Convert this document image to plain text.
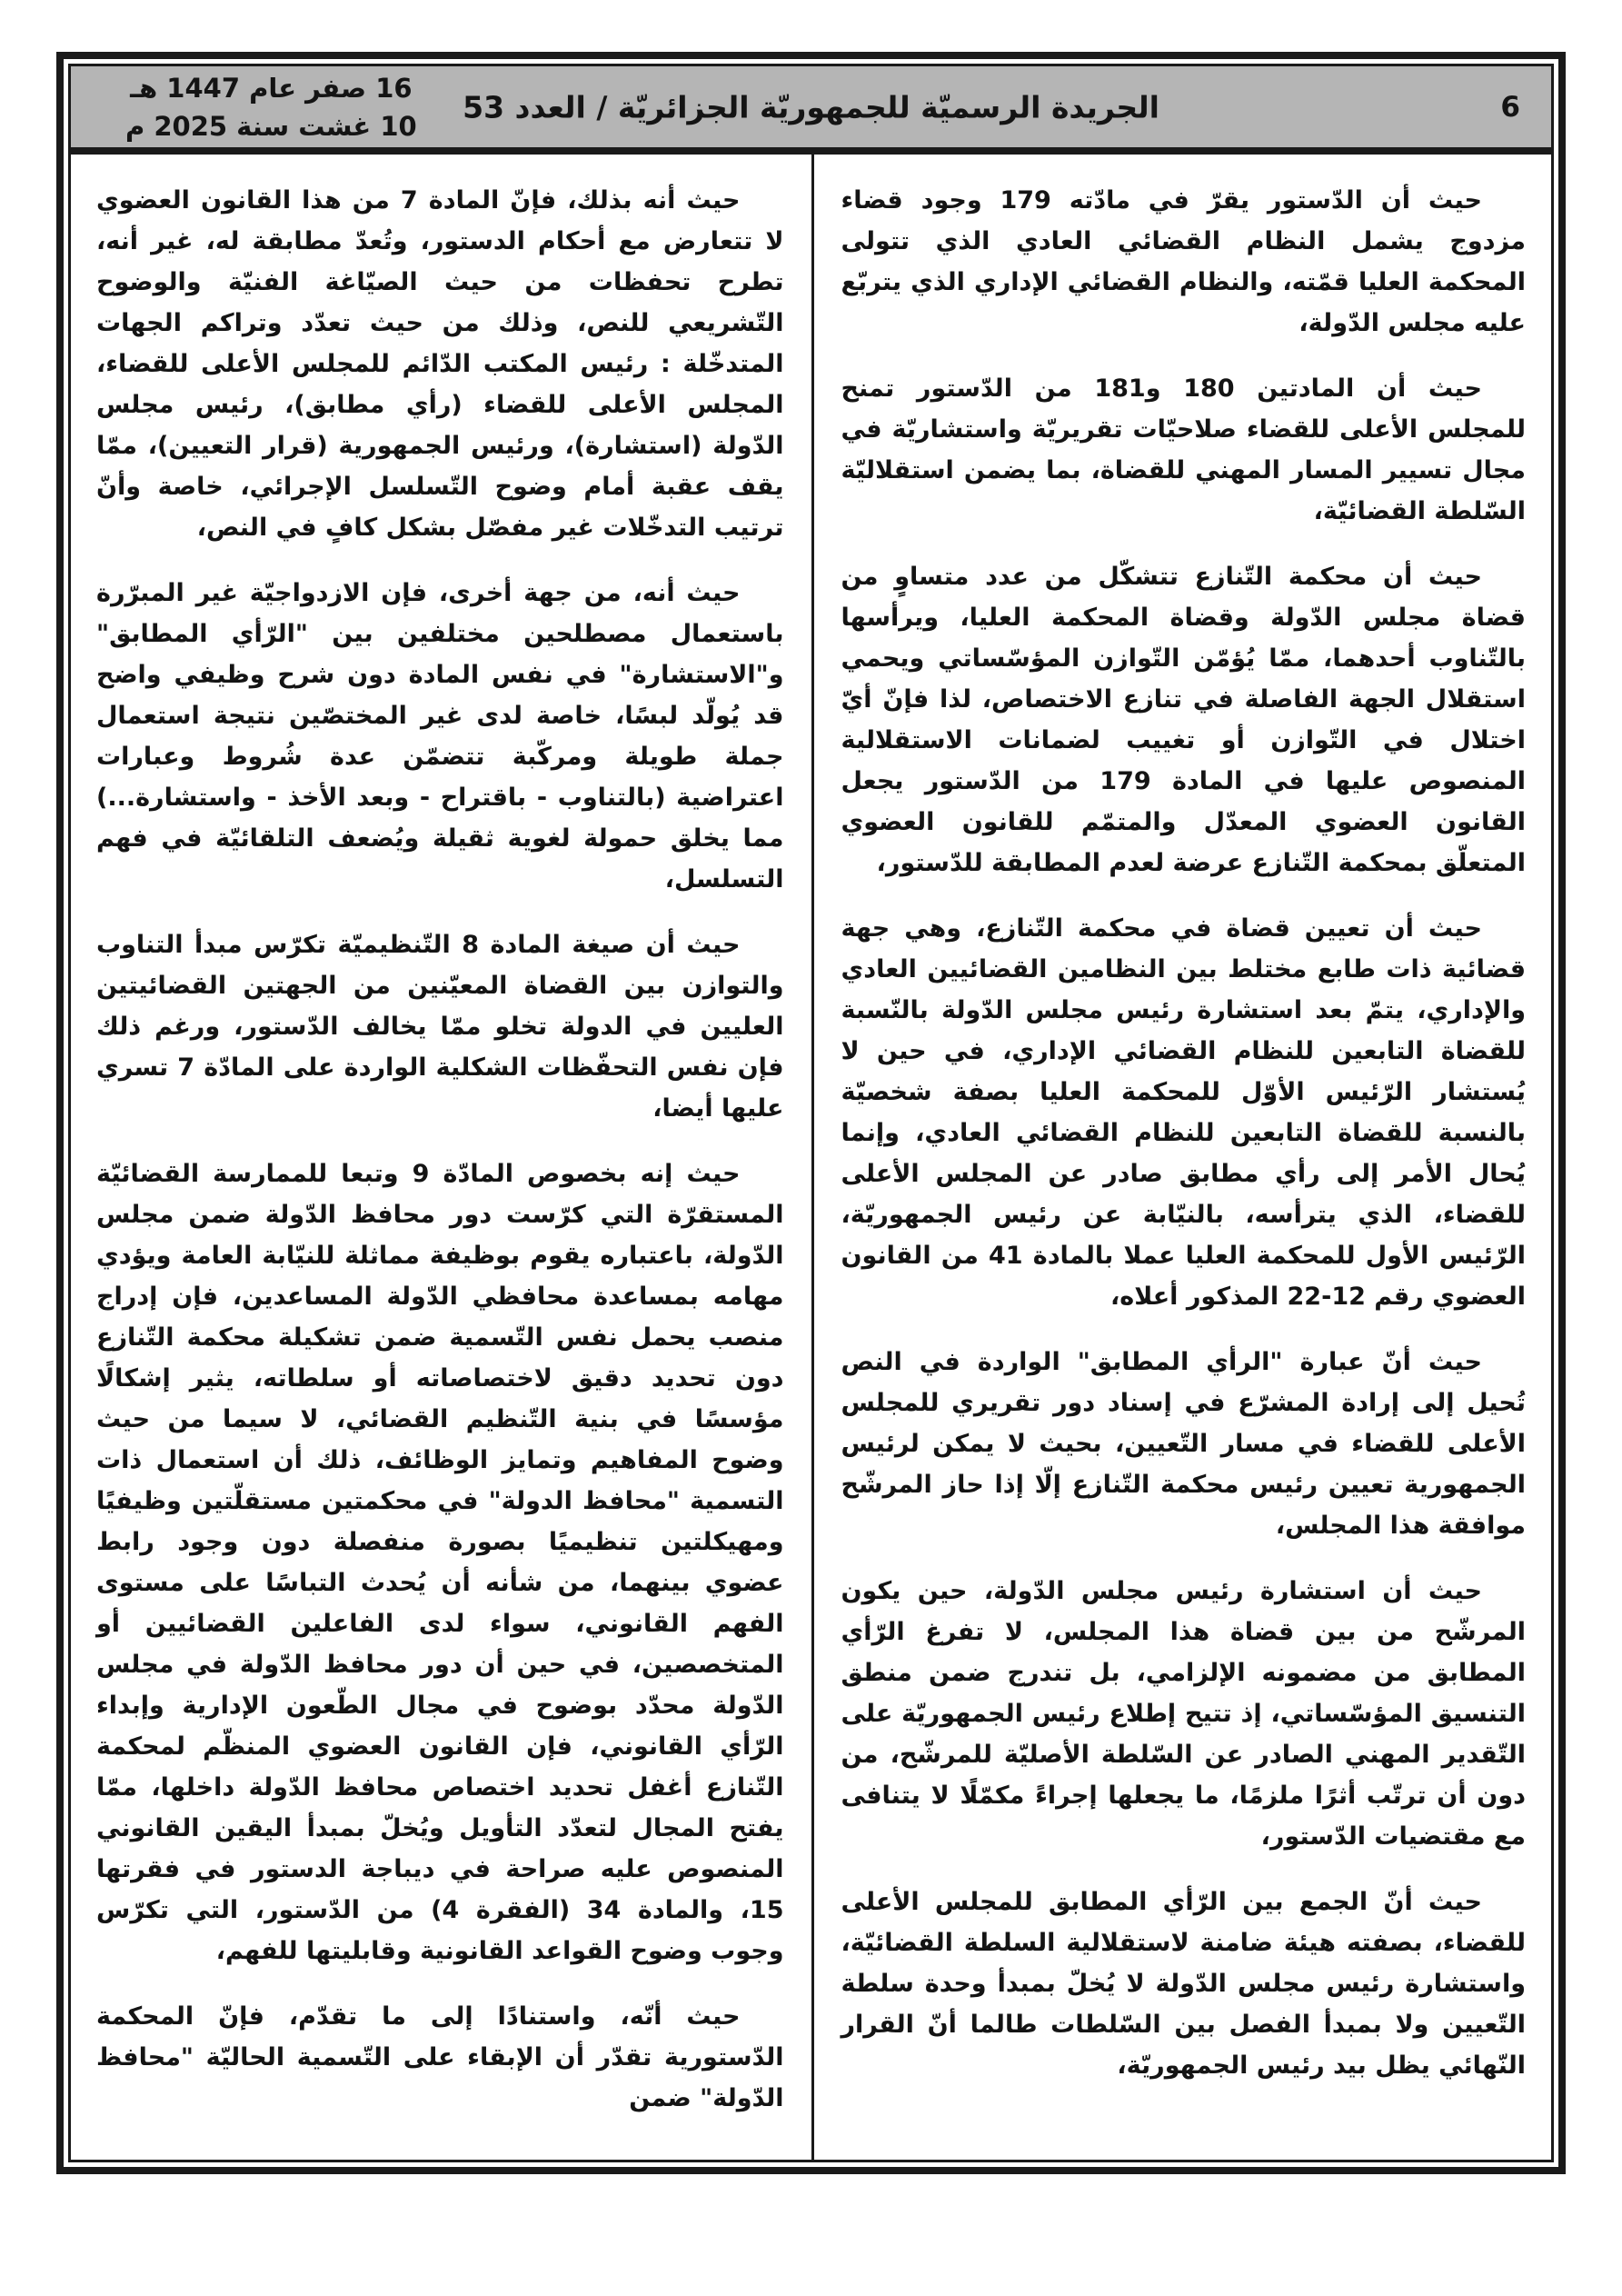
16 صفر عام 1447 هـ
10 غشت سنة 2025 م
الجريدة الرسميّة للجمهوريّة الجزائريّة / العدد 53	6

حيث أن الدّستور يقرّ في مادّته 179 وجود قضاء مزدوج يشمل النظام القضائي العادي الذي تتولى المحكمة العليا قمّته، والنظام القضائي الإداري الذي يتربّع عليه مجلس الدّولة،

حيث أن المادتين 180 و181 من الدّستور تمنح للمجلس الأعلى للقضاء صلاحيّات تقريريّة واستشاريّة في مجال تسيير المسار المهني للقضاة، بما يضمن استقلاليّة السّلطة القضائيّة،

حيث أن محكمة التّنازع تتشكّل من عدد متساوٍ من قضاة مجلس الدّولة وقضاة المحكمة العليا، ويرأسها بالتّناوب أحدهما، ممّا يُؤمّن التّوازن المؤسّساتي ويحمي استقلال الجهة الفاصلة في تنازع الاختصاص، لذا فإنّ أيّ اختلال في التّوازن أو تغييب لضمانات الاستقلالية المنصوص عليها في المادة 179 من الدّستور يجعل القانون العضوي المعدّل والمتمّم للقانون العضوي المتعلّق بمحكمة التّنازع عرضة لعدم المطابقة للدّستور،

حيث أن تعيين قضاة في محكمة التّنازع، وهي جهة قضائية ذات طابع مختلط بين النظامين القضائيين العادي والإداري، يتمّ بعد استشارة رئيس مجلس الدّولة بالنّسبة للقضاة التابعين للنظام القضائي الإداري، في حين لا يُستشار الرّئيس الأوّل للمحكمة العليا بصفة شخصيّة بالنسبة للقضاة التابعين للنظام القضائي العادي، وإنما يُحال الأمر إلى رأي مطابق صادر عن المجلس الأعلى للقضاء، الذي يترأسه، بالنيّابة عن رئيس الجمهوريّة، الرّئيس الأول للمحكمة العليا عملا بالمادة 41 من القانون العضوي رقم 12-22 المذكور أعلاه،

حيث أنّ عبارة "الرأي المطابق" الواردة في النص تُحيل إلى إرادة المشرّع في إسناد دور تقريري للمجلس الأعلى للقضاء في مسار التّعيين، بحيث لا يمكن لرئيس الجمهورية تعيين رئيس محكمة التّنازع إلّا إذا حاز المرشّح موافقة هذا المجلس،

حيث أن استشارة رئيس مجلس الدّولة، حين يكون المرشّح من بين قضاة هذا المجلس، لا تفرغ الرّأي المطابق من مضمونه الإلزامي، بل تندرج ضمن منطق التنسيق المؤسّساتي، إذ تتيح إطلاع رئيس الجمهوريّة على التّقدير المهني الصادر عن السّلطة الأصليّة للمرشّح، من دون أن ترتّب أثرًا ملزمًا، ما يجعلها إجراءً مكمّلًا لا يتنافى مع مقتضيات الدّستور،

حيث أنّ الجمع بين الرّأي المطابق للمجلس الأعلى للقضاء، بصفته هيئة ضامنة لاستقلالية السلطة القضائيّة، واستشارة رئيس مجلس الدّولة لا يُخلّ بمبدأ وحدة سلطة التّعيين ولا بمبدأ الفصل بين السّلطات طالما أنّ القرار النّهائي يظل بيد رئيس الجمهوريّة،

حيث أنه بذلك، فإنّ المادة 7 من هذا القانون العضوي لا تتعارض مع أحكام الدستور، وتُعدّ مطابقة له، غير أنه، تطرح تحفظات من حيث الصيّاغة الفنيّة والوضوح التّشريعي للنص، وذلك من حيث تعدّد وتراكم الجهات المتدخّلة : رئيس المكتب الدّائم للمجلس الأعلى للقضاء، المجلس الأعلى للقضاء (رأي مطابق)، رئيس مجلس الدّولة (استشارة)، ورئيس الجمهورية (قرار التعيين)، ممّا يقف عقبة أمام وضوح التّسلسل الإجرائي، خاصة وأنّ ترتيب التدخّلات غير مفصّل بشكل كافٍ في النص،

حيث أنه، من جهة أخرى، فإن الازدواجيّة غير المبرّرة باستعمال مصطلحين مختلفين بين "الرّأي المطابق" و"الاستشارة" في نفس المادة دون شرح وظيفي واضح قد يُولّد لبسًا، خاصة لدى غير المختصّين نتيجة استعمال جملة طويلة ومركّبة تتضمّن عدة شُروط وعبارات اعتراضية (بالتناوب - باقتراح - وبعد الأخذ - واستشارة...) مما يخلق حمولة لغوية ثقيلة ويُضعف التلقائيّة في فهم التسلسل،

حيث أن صيغة المادة 8 التّنظيميّة تكرّس مبدأ التناوب والتوازن بين القضاة المعيّنين من الجهتين القضائيتين العليين في الدولة تخلو ممّا يخالف الدّستور، ورغم ذلك فإن نفس التحفّظات الشكلية الواردة على المادّة 7 تسري عليها أيضا،

حيث إنه بخصوص المادّة 9 وتبعا للممارسة القضائيّة المستقرّة التي كرّست دور محافظ الدّولة ضمن مجلس الدّولة، باعتباره يقوم بوظيفة مماثلة للنيّابة العامة ويؤدي مهامه بمساعدة محافظي الدّولة المساعدين، فإن إدراج منصب يحمل نفس التّسمية ضمن تشكيلة محكمة التّنازع دون تحديد دقيق لاختصاصاته أو سلطاته، يثير إشكالًا مؤسسًا في بنية التّنظيم القضائي، لا سيما من حيث وضوح المفاهيم وتمايز الوظائف، ذلك أن استعمال ذات التسمية "محافظ الدولة" في محكمتين مستقلّتين وظيفيًا ومهيكلتين تنظيميًا بصورة منفصلة دون وجود رابط عضوي بينهما، من شأنه أن يُحدث التباسًا على مستوى الفهم القانوني، سواء لدى الفاعلين القضائيين أو المتخصصين، في حين أن دور محافظ الدّولة في مجلس الدّولة محدّد بوضوح في مجال الطّعون الإدارية وإبداء الرّأي القانوني، فإن القانون العضوي المنظّم لمحكمة التّنازع أغفل تحديد اختصاص محافظ الدّولة داخلها، ممّا يفتح المجال لتعدّد التأويل ويُخلّ بمبدأ اليقين القانوني المنصوص عليه صراحة في ديباجة الدستور في فقرتها 15، والمادة 34 (الفقرة 4) من الدّستور، التي تكرّس وجوب وضوح القواعد القانونية وقابليتها للفهم،

حيث أنّه، واستنادًا إلى ما تقدّم، فإنّ المحكمة الدّستورية تقدّر أن الإبقاء على التّسمية الحاليّة "محافظ الدّولة" ضمن
